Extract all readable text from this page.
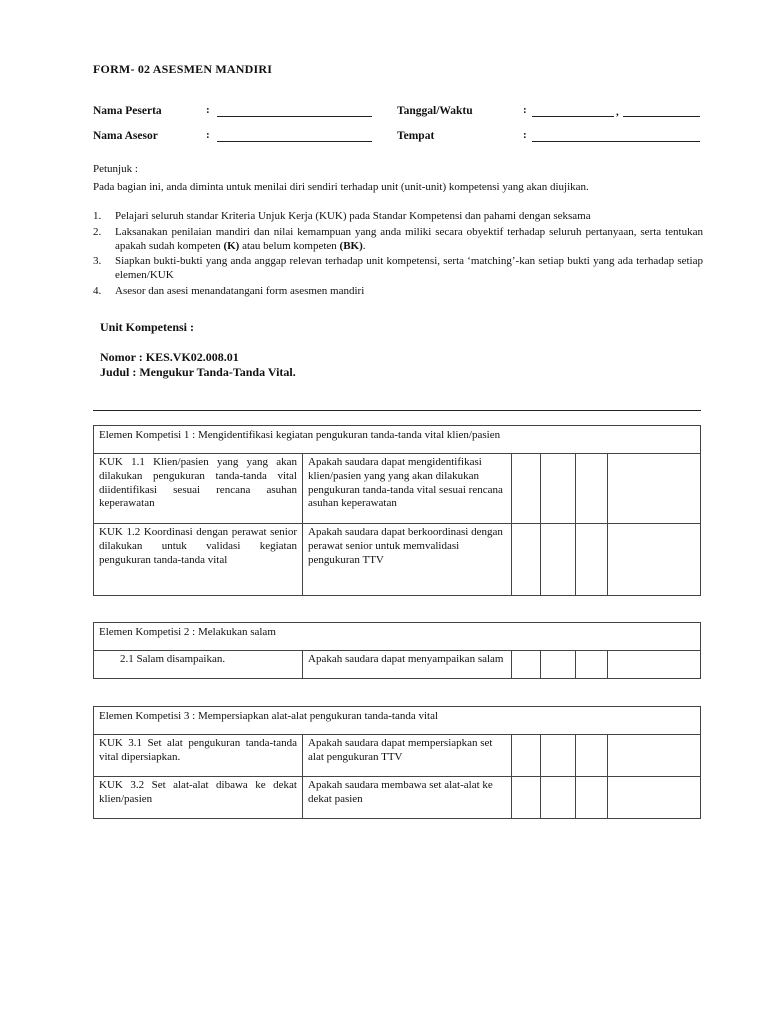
FORM- 02 ASESMEN MANDIRI
Nama Peserta	:	Tanggal/Waktu	:	,
Nama Asesor	:	Tempat	:
Petunjuk :
Pada bagian ini, anda diminta untuk menilai diri sendiri terhadap unit (unit-unit) kompetensi yang akan diujikan.
1. Pelajari seluruh standar Kriteria Unjuk Kerja (KUK) pada Standar Kompetensi dan pahami dengan seksama
2. Laksanakan penilaian mandiri dan nilai kemampuan yang anda miliki secara obyektif terhadap seluruh pertanyaan, serta tentukan apakah sudah kompeten (K) atau belum kompeten (BK).
3. Siapkan bukti-bukti yang anda anggap relevan terhadap unit kompetensi, serta ‘matching’-kan setiap bukti yang ada terhadap setiap elemen/KUK
4. Asesor dan asesi menandatangani form asesmen mandiri
Unit Kompetensi :
Nomor : KES.VK02.008.01
Judul : Mengukur Tanda-Tanda Vital.
Elemen Kompetisi 1 : Mengidentifikasi kegiatan pengukuran tanda-tanda vital klien/pasien					
KUK 1.1 Klien/pasien yang yang akan dilakukan pengukuran tanda-tanda vital diidentifikasi sesuai rencana asuhan keperawatan	Apakah saudara dapat mengidentifikasi klien/pasien yang yang akan dilakukan pengukuran tanda-tanda vital sesuai rencana asuhan keperawatan				
KUK 1.2 Koordinasi dengan perawat senior dilakukan untuk validasi kegiatan pengukuran tanda-tanda vital	Apakah saudara dapat berkoordinasi dengan perawat senior untuk memvalidasi pengukuran TTV				
Elemen Kompetisi 2 : Melakukan salam
2.1 Salam disampaikan.	Apakah saudara dapat menyampaikan salam				
Elemen Kompetisi 3 : Mempersiapkan alat-alat pengukuran tanda-tanda vital					
KUK 3.1 Set alat pengukuran tanda-tanda vital dipersiapkan.	Apakah saudara dapat mempersiapkan set alat pengukuran TTV				
KUK 3.2 Set alat-alat dibawa ke dekat klien/pasien	Apakah saudara membawa set alat-alat ke dekat pasien				
